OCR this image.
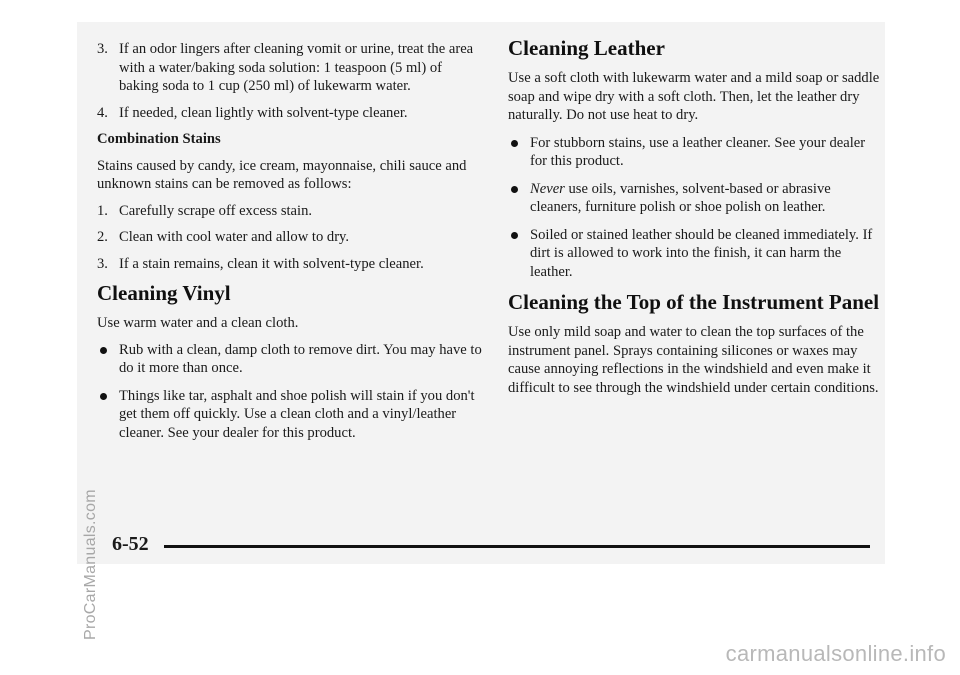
3. If an odor lingers after cleaning vomit or urine, treat the area with a water/baking soda solution: 1 teaspoon (5 ml) of baking soda to 1 cup (250 ml) of lukewarm water.
4. If needed, clean lightly with solvent-type cleaner.

Combination Stains

Stains caused by candy, ice cream, mayonnaise, chili sauce and unknown stains can be removed as follows:

1. Carefully scrape off excess stain.
2. Clean with cool water and allow to dry.
3. If a stain remains, clean it with solvent-type cleaner.
Cleaning Vinyl

Use warm water and a clean cloth.

Rub with a clean, damp cloth to remove dirt. You may have to do it more than once.
Things like tar, asphalt and shoe polish will stain if you don't get them off quickly. Use a clean cloth and a vinyl/leather cleaner. See your dealer for this product.
Cleaning Leather

Use a soft cloth with lukewarm water and a mild soap or saddle soap and wipe dry with a soft cloth. Then, let the leather dry naturally. Do not use heat to dry.

For stubborn stains, use a leather cleaner. See your dealer for this product.
Never use oils, varnishes, solvent-based or abrasive cleaners, furniture polish or shoe polish on leather.
Soiled or stained leather should be cleaned immediately. If dirt is allowed to work into the finish, it can harm the leather.
Cleaning the Top of the Instrument Panel

Use only mild soap and water to clean the top surfaces of the instrument panel. Sprays containing silicones or waxes may cause annoying reflections in the windshield and even make it difficult to see through the windshield under certain conditions.

6-52
ProCarManuals.com
carmanualsonline.info
